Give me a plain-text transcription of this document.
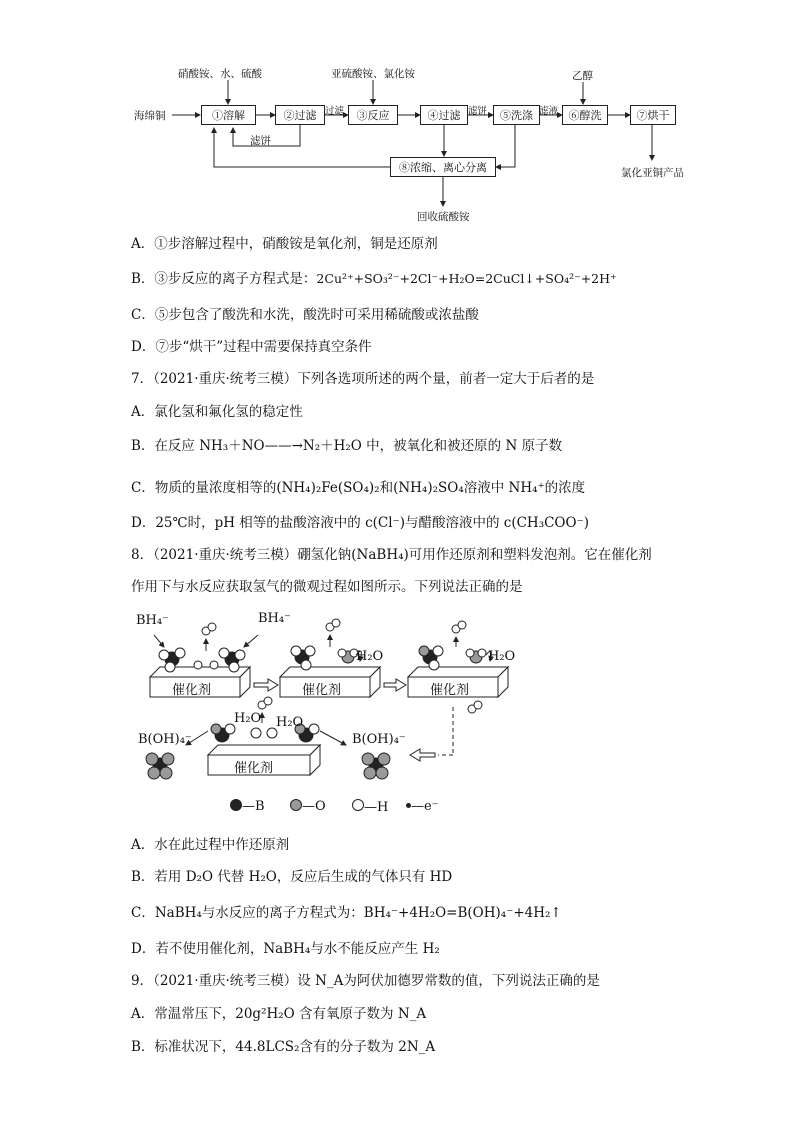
硝酸铵、水、硫酸	亚硫酸铵、氯化铵	乙醇
海绵铜	①溶解	②过滤	③反应	④过滤	⑤洗涤	⑥醇洗	⑦烘干
⑧浓缩、离心分离
滤饼
过滤	滤饼	滤液
回收硫酸铵
氯化亚铜产品
A．①步溶解过程中，硝酸铵是氧化剂，铜是还原剂
B．③步反应的离子方程式是：2Cu²⁺+SO₃²⁻+2Cl⁻+H₂O=2CuCl↓+SO₄²⁻+2H⁺
C．⑤步包含了酸洗和水洗，酸洗时可采用稀硫酸或浓盐酸
D．⑦步“烘干”过程中需要保持真空条件
7．（2021·重庆·统考三模）下列各选项所述的两个量，前者一定大于后者的是
A．氯化氢和氟化氢的稳定性
B．在反应 NH₃＋NO——→N₂＋H₂O 中，被氧化和被还原的 N 原子数
C．物质的量浓度相等的(NH₄)₂Fe(SO₄)₂和(NH₄)₂SO₄溶液中 NH₄⁺的浓度
D．25℃时，pH 相等的盐酸溶液中的 c(Cl⁻)与醋酸溶液中的 c(CH₃COO⁻)
8．（2021·重庆·统考三模）硼氢化钠(NaBH₄)可用作还原剂和塑料发泡剂。它在催化剂
作用下与水反应获取氢气的微观过程如图所示。下列说法正确的是
催化剂	催化剂	催化剂
催化剂
BH₄⁻	BH₄⁻
H₂O	H₂O
H₂O H₂O
B(OH)₄⁻	B(OH)₄⁻
—B	—O	—H	—e⁻
A．水在此过程中作还原剂
B．若用 D₂O 代替 H₂O，反应后生成的气体只有 HD
C．NaBH₄与水反应的离子方程式为：BH₄⁻+4H₂O=B(OH)₄⁻+4H₂↑
D．若不使用催化剂，NaBH₄与水不能反应产生 H₂
9．（2021·重庆·统考三模）设 N_A为阿伏加德罗常数的值，下列说法正确的是
A．常温常压下，20g²H₂O 含有氧原子数为 N_A
B．标准状况下，44.8LCS₂含有的分子数为 2N_A
